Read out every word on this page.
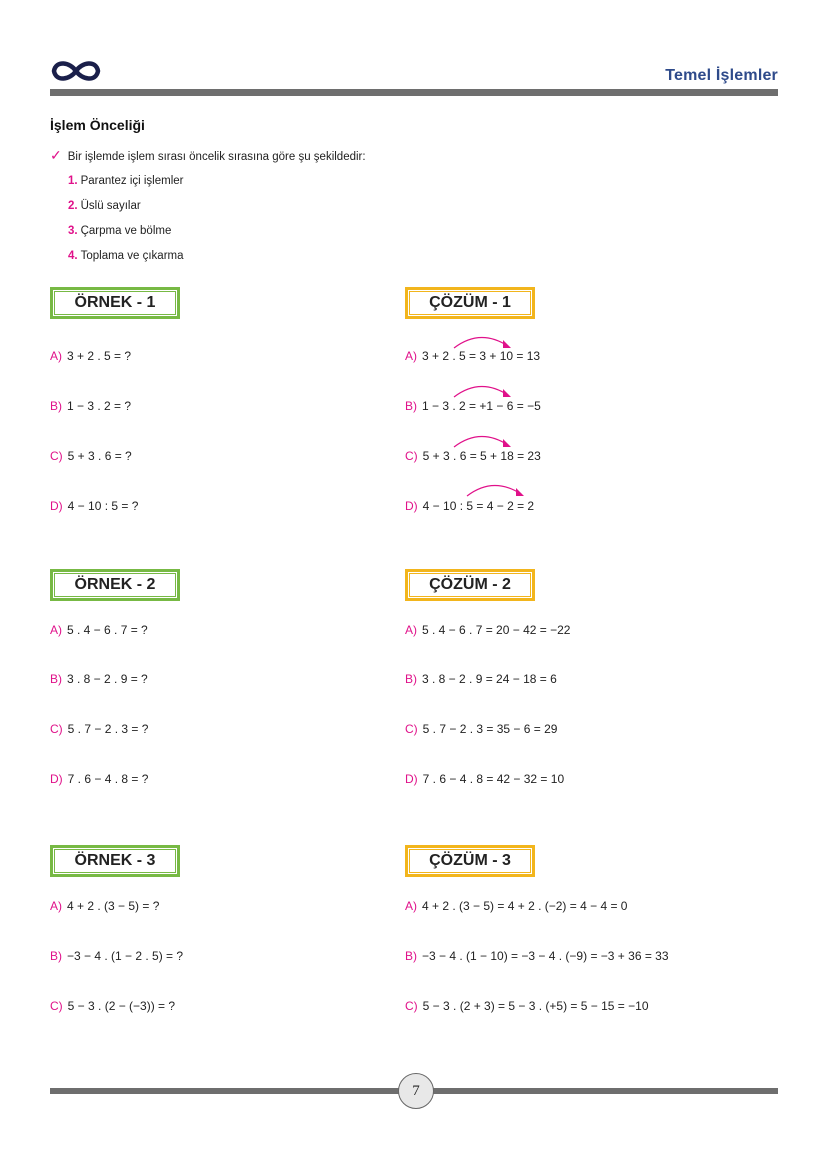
Temel İşlemler
İşlem Önceliği
✓ Bir işlemde işlem sırası öncelik sırasına göre şu şekildedir:
1. Parantez içi işlemler
2. Üslü sayılar
3. Çarpma ve bölme
4. Toplama ve çıkarma
ÖRNEK - 1	ÇÖZÜM - 1
A) 3 + 2 . 5 = ?	A) 3 + 2 . 5 = 3 + 10 = 13
B) 1 − 3 . 2 = ?	B) 1 − 3 . 2 = +1 − 6 = −5
C) 5 + 3 . 6 = ?	C) 5 + 3 . 6 = 5 + 18 = 23
D) 4 − 10 : 5 = ?	D) 4 − 10 : 5 = 4 − 2 = 2
ÖRNEK - 2	ÇÖZÜM - 2
A) 5 . 4 − 6 . 7 = ?	A) 5 . 4 − 6 . 7 = 20 − 42 = −22
B) 3 . 8 − 2 . 9 = ?	B) 3 . 8 − 2 . 9 = 24 − 18 = 6
C) 5 . 7 − 2 . 3 = ?	C) 5 . 7 − 2 . 3 = 35 − 6 = 29
D) 7 . 6 − 4 . 8 = ?	D) 7 . 6 − 4 . 8 = 42 − 32 = 10
ÖRNEK - 3	ÇÖZÜM - 3
A) 4 + 2 . (3 − 5) = ?	A) 4 + 2 . (3 − 5) = 4 + 2 . (−2) = 4 − 4 = 0
B) −3 − 4 . (1 − 2 . 5) = ?	B) −3 − 4 . (1 − 10) = −3 − 4 . (−9) = −3 + 36 = 33
C) 5 − 3 . (2 − (−3)) = ?	C) 5 − 3 . (2 + 3) = 5 − 3 . (+5) = 5 − 15 = −10
7
